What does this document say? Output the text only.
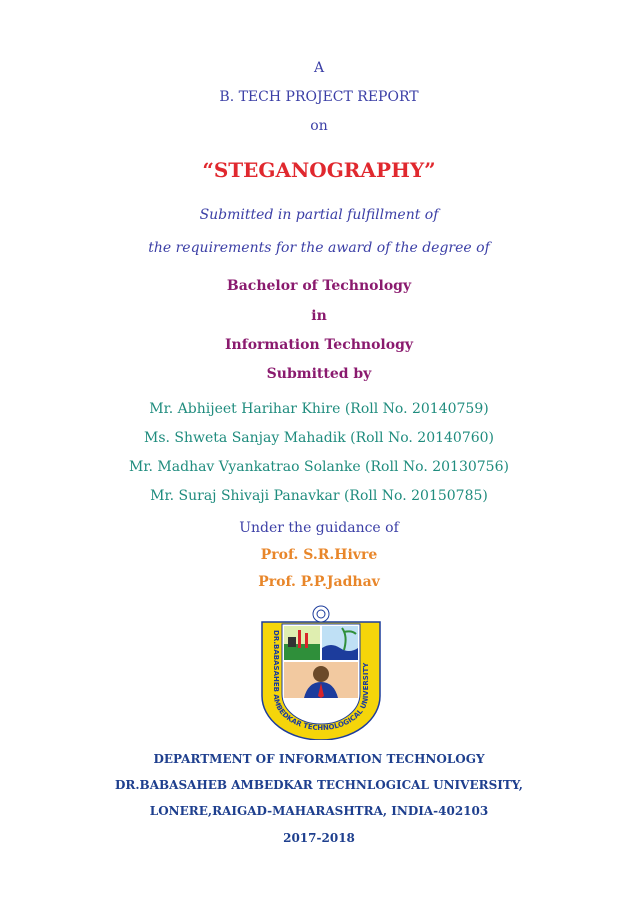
A
B. TECH PROJECT REPORT
on
“STEGANOGRAPHY”
Submitted in partial fulfillment of
the requirements for the award of the degree of
Bachelor of Technology
in
Information Technology
Submitted by
Mr. Abhijeet Harihar Khire (Roll No. 20140759)
Ms. Shweta Sanjay Mahadik (Roll No. 20140760)
Mr. Madhav Vyankatrao Solanke (Roll No. 20130756)
Mr. Suraj Shivaji Panavkar (Roll No. 20150785)
Under the guidance of
Prof. S.R.Hivre
Prof. P.P.Jadhav
DR.BABASAHEB AMBEDKAR TECHNOLOGICAL UNIVERSITY
DEPARTMENT OF INFORMATION TECHNOLOGY
DR.BABASAHEB AMBEDKAR TECHNLOGICAL UNIVERSITY,
LONERE,RAIGAD-MAHARASHTRA, INDIA-402103
2017-2018
